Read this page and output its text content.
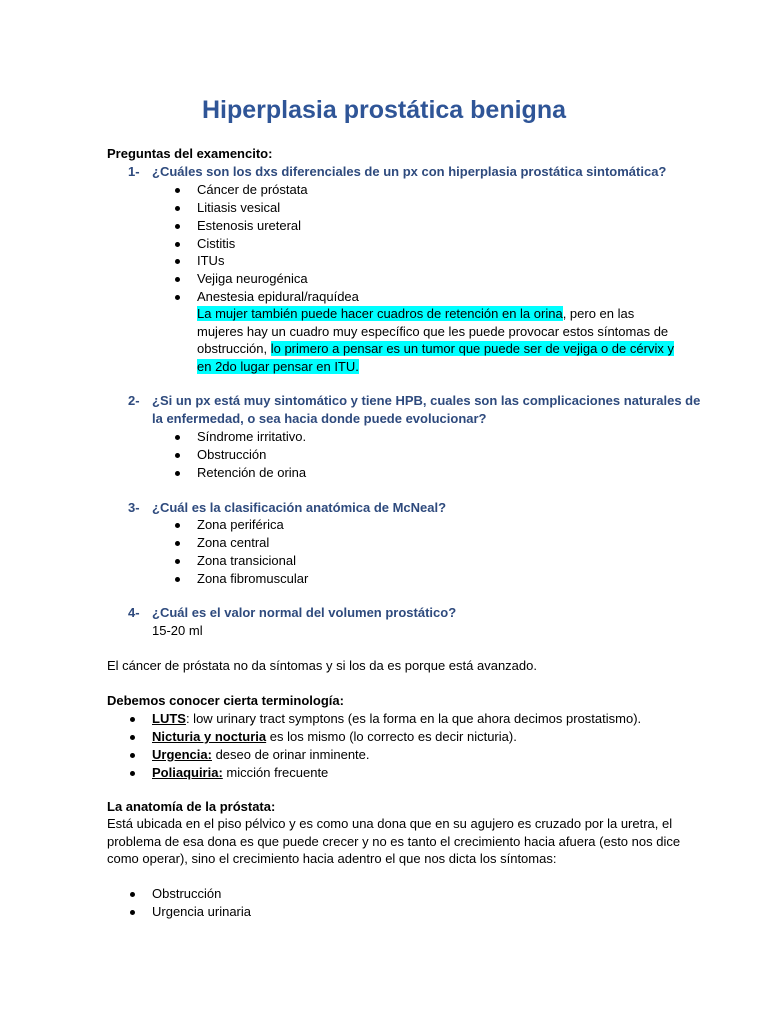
Hiperplasia prostática benigna
Preguntas del examencito:
1- ¿Cuáles son los dxs diferenciales de un px con hiperplasia prostática sintomática?
Cáncer de próstata
Litiasis vesical
Estenosis ureteral
Cistitis
ITUs
Vejiga neurogénica
Anestesia epidural/raquídea
La mujer también puede hacer cuadros de retención en la orina, pero en las
mujeres hay un cuadro muy específico que les puede provocar estos síntomas de
obstrucción, lo primero a pensar es un tumor que puede ser de vejiga o de cérvix y
en 2do lugar pensar en ITU.
2- ¿Si un px está muy sintomático y tiene HPB, cuales son las complicaciones naturales de
la enfermedad, o sea hacia donde puede evolucionar?
Síndrome irritativo.
Obstrucción
Retención de orina
3- ¿Cuál es la clasificación anatómica de McNeal?
Zona periférica
Zona central
Zona transicional
Zona fibromuscular
4- ¿Cuál es el valor normal del volumen prostático?
15-20 ml
El cáncer de próstata no da síntomas y si los da es porque está avanzado.
Debemos conocer cierta terminología:
LUTS: low urinary tract symptons (es la forma en la que ahora decimos prostatismo).
Nicturia y nocturia es los mismo (lo correcto es decir nicturia).
Urgencia: deseo de orinar inminente.
Poliaquiria: micción frecuente
La anatomía de la próstata:
Está ubicada en el piso pélvico y es como una dona que en su agujero es cruzado por la uretra, el
problema de esa dona es que puede crecer y no es tanto el crecimiento hacia afuera (esto nos dice
como operar), sino el crecimiento hacia adentro el que nos dicta los síntomas:
Obstrucción
Urgencia urinaria
